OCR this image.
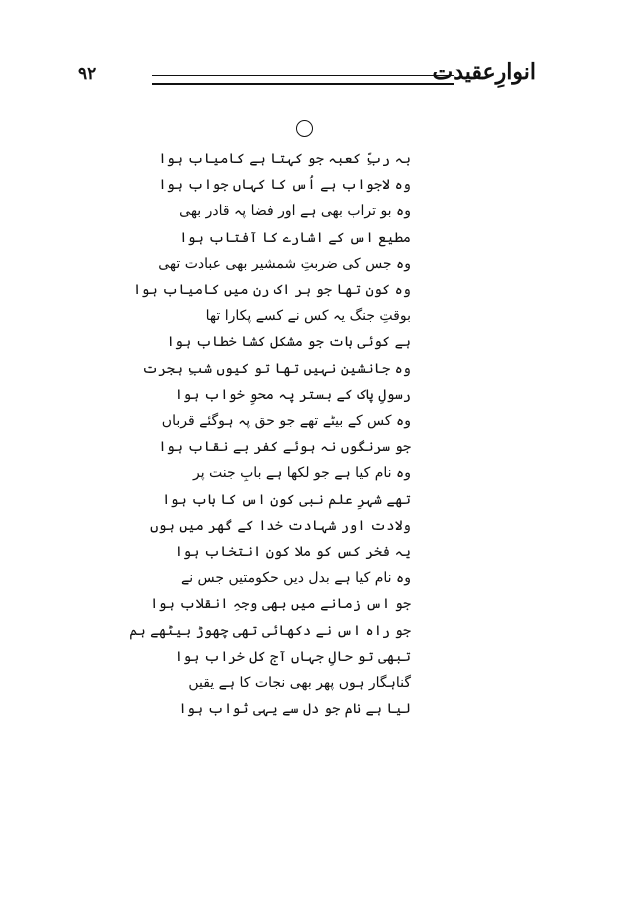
۹۲	انوارِعقیدت
بہ ربِّ کعبہ جو کہتا ہے کامیاب ہوا
وہ لاجواب ہے اُس کا کہاں جواب ہوا
وہ بو تراب بھی ہے اور فضا پہ قادر بھی
مطیع اس کے اشارے کا آفتاب ہوا
وہ جس کی ضربتِ شمشیر بھی عبادت تھی
وہ کون تھا جو ہر اک رن میں کامیاب ہوا
بوقتِ جنگ یہ کس نے کسے پکارا تھا
ہے کوئی بات جو مشکل کشا خطاب ہوا
وہ جانشین نہیں تھا تو کیوں شبِ ہجرت
رسولِ پاک کے بستر پہ محوِ خواب ہوا
وہ کس کے بیٹے تھے جو حق پہ ہوگئے قرباں
جو سرنگوں نہ ہوئے کفر بے نقاب ہوا
وہ نام کیا ہے جو لکھا ہے بابِ جنت پر
تھے شہرِ علم نبی کون اس کا باب ہوا
ولادت اور شہادت خدا کے گھر میں ہوں
یہ فخر کس کو ملا کون انتخاب ہوا
وہ نام کیا ہے بدل دیں حکومتیں جس نے
جو اس زمانے میں بھی وجہِ انقلاب ہوا
جو راہ اس نے دکھائی تھی چھوڑ بیٹھے ہم
تبھی تو حالِ جہاں آج کل خراب ہوا
گناہگار ہوں پھر بھی نجات کا ہے یقیں
لیا ہے نام جو دل سے یہی ثواب ہوا
